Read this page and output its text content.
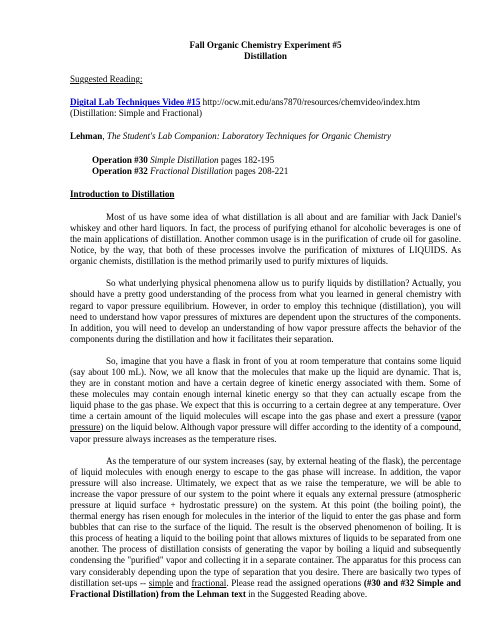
Fall Organic Chemistry Experiment #5

Distillation

Suggested Reading:

Digital Lab Techniques Video #15 http://ocw.mit.edu/ans7870/resources/chemvideo/index.htm

(Distillation: Simple and Fractional)

Lehman, The Student's Lab Companion: Laboratory Techniques for Organic Chemistry

Operation #30 Simple Distillation pages 182-195

Operation #32 Fractional Distillation pages 208-221

Introduction to Distillation

Most of us have some idea of what distillation is all about and are familiar with Jack Daniel's whiskey and other hard liquors. In fact, the process of purifying ethanol for alcoholic beverages is one of the main applications of distillation. Another common usage is in the purification of crude oil for gasoline. Notice, by the way, that both of these processes involve the purification of mixtures of LIQUIDS. As organic chemists, distillation is the method primarily used to purify mixtures of liquids.

So what underlying physical phenomena allow us to purify liquids by distillation? Actually, you should have a pretty good understanding of the process from what you learned in general chemistry with regard to vapor pressure equilibrium. However, in order to employ this technique (distillation), you will need to understand how vapor pressures of mixtures are dependent upon the structures of the components. In addition, you will need to develop an understanding of how vapor pressure affects the behavior of the components during the distillation and how it facilitates their separation.

So, imagine that you have a flask in front of you at room temperature that contains some liquid (say about 100 mL). Now, we all know that the molecules that make up the liquid are dynamic. That is, they are in constant motion and have a certain degree of kinetic energy associated with them. Some of these molecules may contain enough internal kinetic energy so that they can actually escape from the liquid phase to the gas phase. We expect that this is occurring to a certain degree at any temperature. Over time a certain amount of the liquid molecules will escape into the gas phase and exert a pressure (vapor pressure) on the liquid below. Although vapor pressure will differ according to the identity of a compound, vapor pressure always increases as the temperature rises.

As the temperature of our system increases (say, by external heating of the flask), the percentage of liquid molecules with enough energy to escape to the gas phase will increase. In addition, the vapor pressure will also increase. Ultimately, we expect that as we raise the temperature, we will be able to increase the vapor pressure of our system to the point where it equals any external pressure (atmospheric pressure at liquid surface + hydrostatic pressure) on the system. At this point (the boiling point), the thermal energy has risen enough for molecules in the interior of the liquid to enter the gas phase and form bubbles that can rise to the surface of the liquid. The result is the observed phenomenon of boiling. It is this process of heating a liquid to the boiling point that allows mixtures of liquids to be separated from one another. The process of distillation consists of generating the vapor by boiling a liquid and subsequently condensing the "purified" vapor and collecting it in a separate container. The apparatus for this process can vary considerably depending upon the type of separation that you desire. There are basically two types of distillation set-ups -- simple and fractional. Please read the assigned operations (#30 and #32 Simple and Fractional Distillation) from the Lehman text in the Suggested Reading above.
